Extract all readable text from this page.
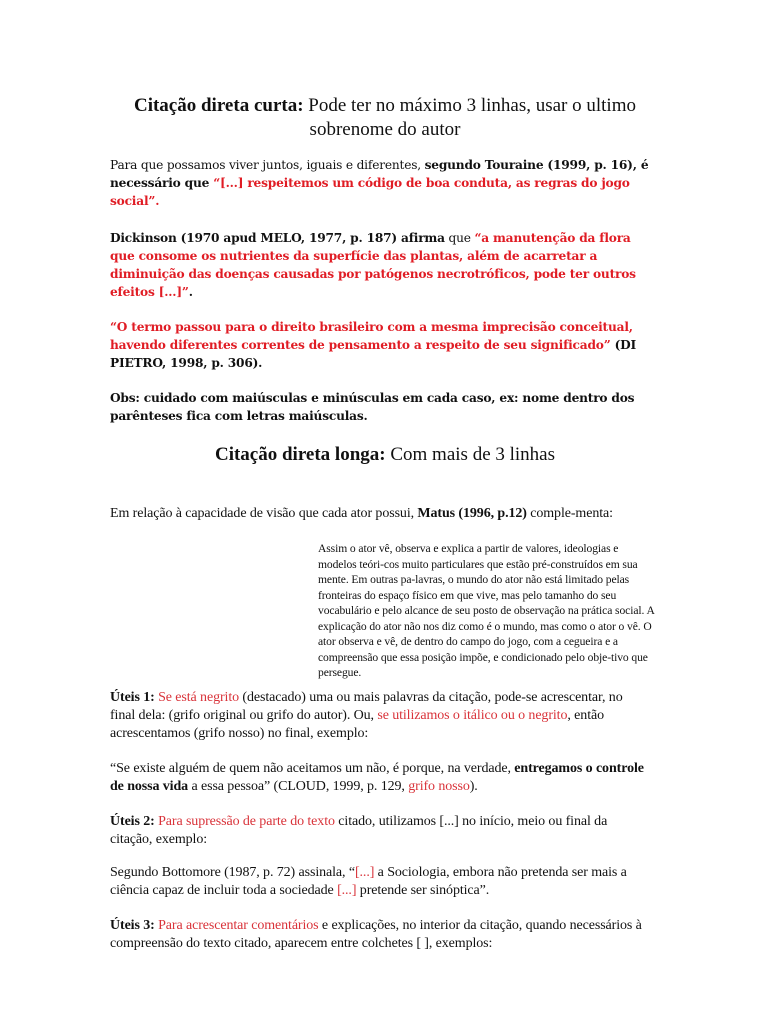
Citação direta curta: Pode ter no máximo 3 linhas, usar o ultimo
sobrenome do autor
Para que possamos viver juntos, iguais e diferentes, segundo Touraine (1999, p. 16), é necessário que “[...] respeitemos um código de boa conduta, as regras do jogo social”.
Dickinson (1970 apud MELO, 1977, p. 187) afirma que “a manutenção da flora que consome os nutrientes da superfície das plantas, além de acarretar a diminuição das doenças causadas por patógenos necrotróficos, pode ter outros efeitos [...]”.
“O termo passou para o direito brasileiro com a mesma imprecisão conceitual, havendo diferentes correntes de pensamento a respeito de seu significado” (DI PIETRO, 1998, p. 306).
Obs: cuidado com maiúsculas e minúsculas em cada caso, ex: nome dentro dos parênteses fica com letras maiúsculas.
Citação direta longa: Com mais de 3 linhas
Em relação à capacidade de visão que cada ator possui, Matus (1996, p.12) comple-menta:
Assim o ator vê, observa e explica a partir de valores, ideologias e modelos teóri-cos muito particulares que estão pré-construídos em sua mente. Em outras pa-lavras, o mundo do ator não está limitado pelas fronteiras do espaço físico em que vive, mas pelo tamanho do seu vocabulário e pelo alcance de seu posto de observação na prática social. A explicação do ator não nos diz como é o mundo, mas como o ator o vê. O ator observa e vê, de dentro do campo do jogo, com a cegueira e a compreensão que essa posição impõe, e condicionado pelo obje-tivo que persegue.
Úteis 1: Se está negrito (destacado) uma ou mais palavras da citação, pode-se acrescentar, no final dela: (grifo original ou grifo do autor). Ou, se utilizamos o itálico ou o negrito, então acrescentamos (grifo nosso) no final, exemplo:
“Se existe alguém de quem não aceitamos um não, é porque, na verdade, entregamos o controle de nossa vida a essa pessoa” (CLOUD, 1999, p. 129, grifo nosso).
Úteis 2: Para supressão de parte do texto citado, utilizamos [...] no início, meio ou final da citação, exemplo:
Segundo Bottomore (1987, p. 72) assinala, “[...] a Sociologia, embora não pretenda ser mais a ciência capaz de incluir toda a sociedade [...] pretende ser sinóptica”.
Úteis 3: Para acrescentar comentários e explicações, no interior da citação, quando necessários à compreensão do texto citado, aparecem entre colchetes [ ], exemplos:
